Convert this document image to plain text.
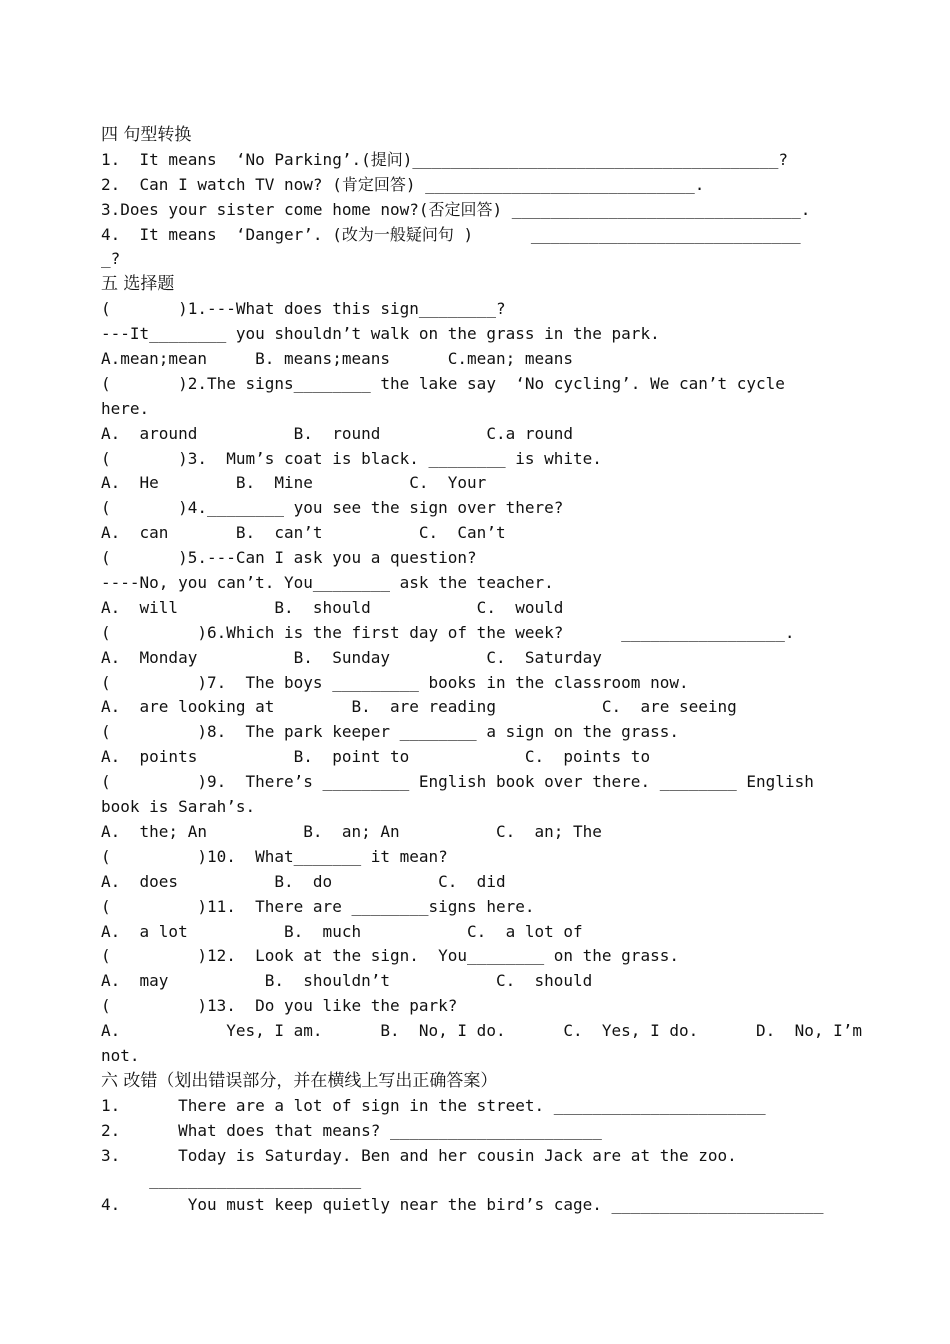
四 句型转换
1.  It means  ‘No Parking’.(提问)______________________________________?
2.  Can I watch TV now? (肯定回答) ____________________________.
3.Does your sister come home now?(否定回答) ______________________________.
4.  It means  ‘Danger’. (改为一般疑问句 )      ____________________________
_?
五 选择题
(       )1.---What does this sign________?
---It________ you shouldn’t walk on the grass in the park.
A.mean;mean     B. means;means      C.mean; means
(       )2.The signs________ the lake say  ‘No cycling’. We can’t cycle
here.
A.  around          B.  round           C.a round
(       )3.  Mum’s coat is black. ________ is white.
A.  He        B.  Mine          C.  Your
(       )4.________ you see the sign over there?
A.  can       B.  can’t          C.  Can’t
(       )5.---Can I ask you a question?
----No, you can’t. You________ ask the teacher.
A.  will          B.  should           C.  would
(         )6.Which is the first day of the week?      _________________.
A.  Monday          B.  Sunday          C.  Saturday
(         )7.  The boys _________ books in the classroom now.
A.  are looking at        B.  are reading           C.  are seeing
(         )8.  The park keeper ________ a sign on the grass.
A.  points          B.  point to            C.  points to
(         )9.  There’s _________ English book over there. ________ English
book is Sarah’s.
A.  the; An          B.  an; An          C.  an; The
(         )10.  What_______ it mean?
A.  does          B.  do           C.  did
(         )11.  There are ________signs here.
A.  a lot          B.  much           C.  a lot of
(         )12.  Look at the sign.  You________ on the grass.
A.  may          B.  shouldn’t           C.  should
(         )13.  Do you like the park?
A.           Yes, I am.      B.  No, I do.      C.  Yes, I do.      D.  No, I’m
not.
六 改错（划出错误部分，并在横线上写出正确答案）
1.      There are a lot of sign in the street. ______________________
2.      What does that means? ______________________
3.      Today is Saturday. Ben and her cousin Jack are at the zoo.
______________________
4.       You must keep quietly near the bird’s cage. ______________________
